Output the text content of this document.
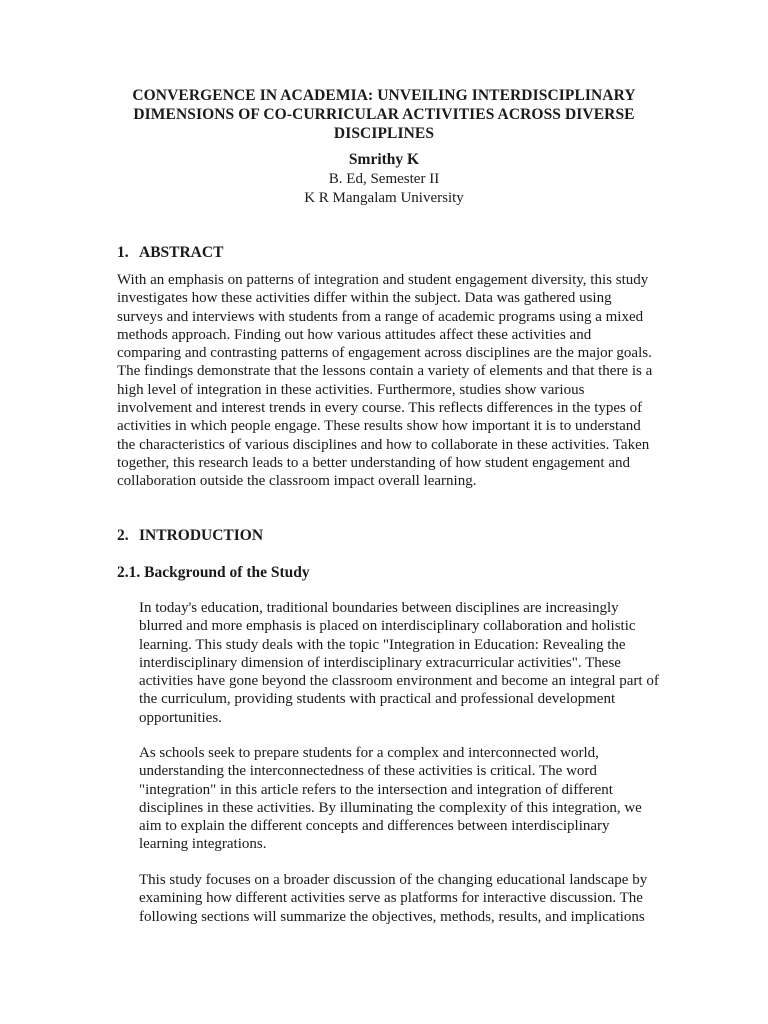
CONVERGENCE IN ACADEMIA: UNVEILING INTERDISCIPLINARY DIMENSIONS OF CO-CURRICULAR ACTIVITIES ACROSS DIVERSE DISCIPLINES
Smrithy K
B. Ed, Semester II
K R Mangalam University
1. ABSTRACT

With an emphasis on patterns of integration and student engagement diversity, this study investigates how these activities differ within the subject. Data was gathered using surveys and interviews with students from a range of academic programs using a mixed methods approach. Finding out how various attitudes affect these activities and comparing and contrasting patterns of engagement across disciplines are the major goals. The findings demonstrate that the lessons contain a variety of elements and that there is a high level of integration in these activities. Furthermore, studies show various involvement and interest trends in every course. This reflects differences in the types of activities in which people engage. These results show how important it is to understand the characteristics of various disciplines and how to collaborate in these activities. Taken together, this research leads to a better understanding of how student engagement and collaboration outside the classroom impact overall learning.

2. INTRODUCTION
2.1. Background of the Study

In today's education, traditional boundaries between disciplines are increasingly blurred and more emphasis is placed on interdisciplinary collaboration and holistic learning. This study deals with the topic "Integration in Education: Revealing the interdisciplinary dimension of interdisciplinary extracurricular activities". These activities have gone beyond the classroom environment and become an integral part of the curriculum, providing students with practical and professional development opportunities.

As schools seek to prepare students for a complex and interconnected world, understanding the interconnectedness of these activities is critical. The word "integration" in this article refers to the intersection and integration of different disciplines in these activities. By illuminating the complexity of this integration, we aim to explain the different concepts and differences between interdisciplinary learning integrations.

This study focuses on a broader discussion of the changing educational landscape by examining how different activities serve as platforms for interactive discussion. The following sections will summarize the objectives, methods, results, and implications
